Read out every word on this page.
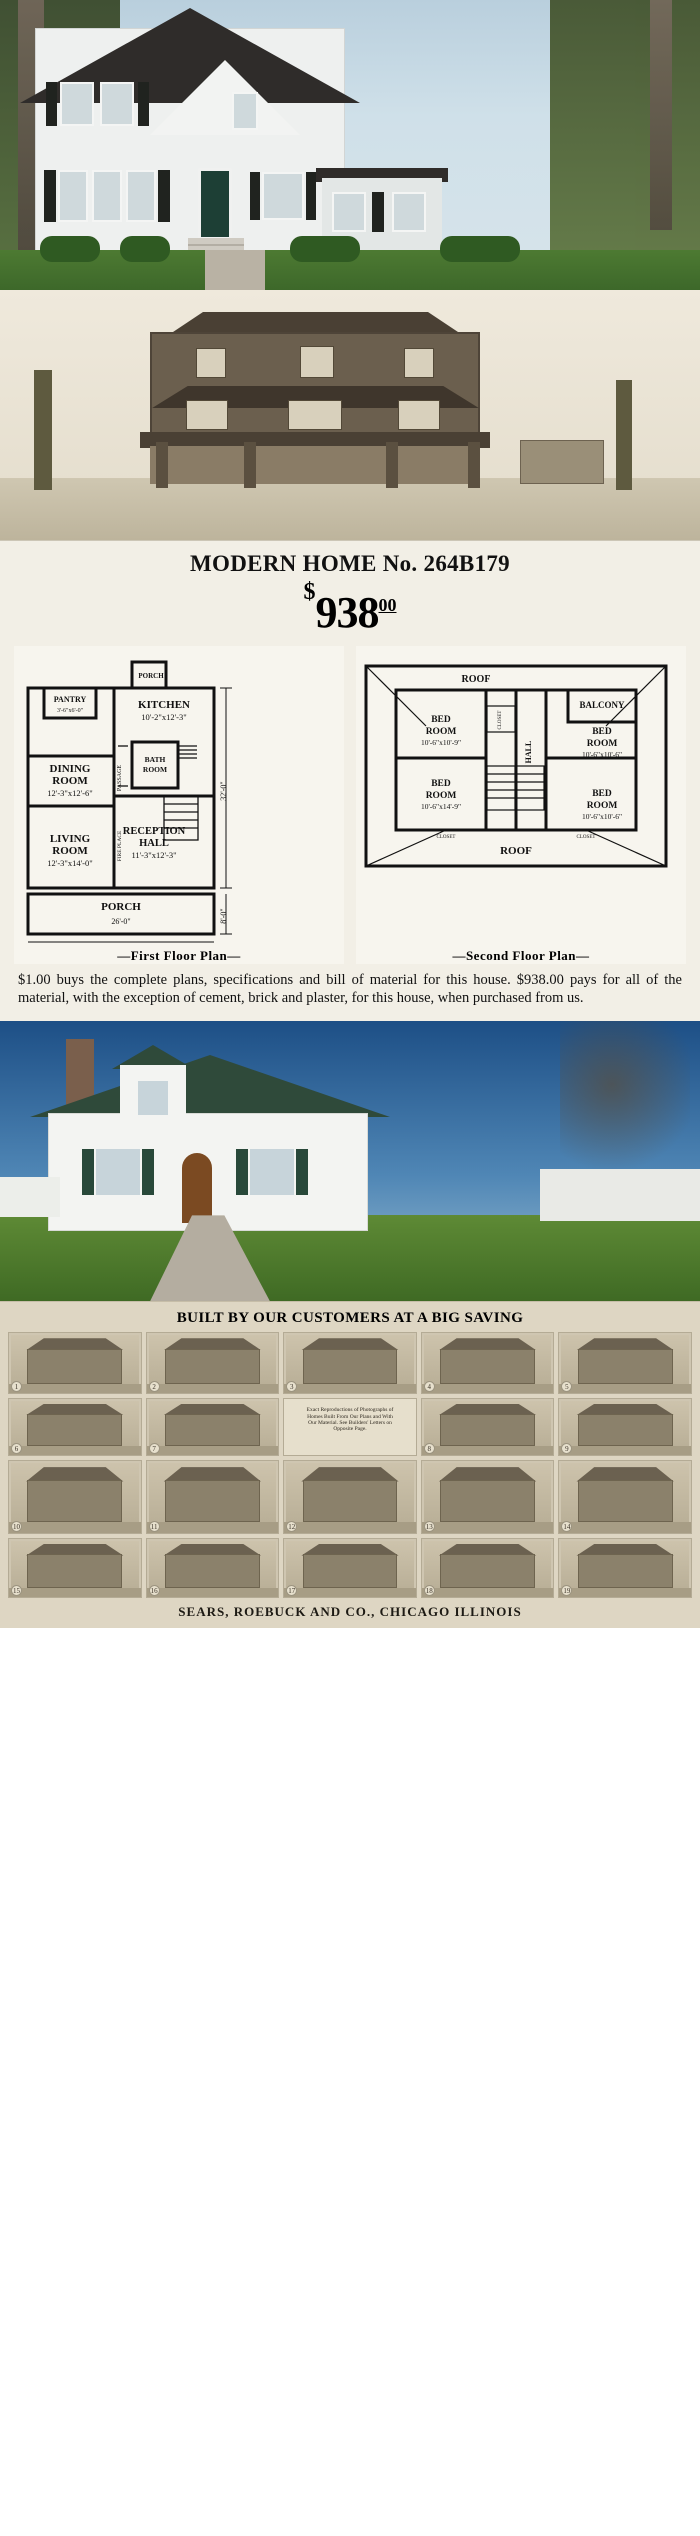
MODERN HOME No. 264B179
$93800
PANTRY
3'-6"x6'-0"
PORCH
KITCHEN
10'-2"x12'-3"
DINING
ROOM
12'-3"x12'-6"
LIVING
ROOM
12'-3"x14'-0"
RECEPTION
HALL
11'-3"x12'-3"
BATH
ROOM
PASSAGE
FIRE PLACE
PORCH
26'-0"
32'-0"
8'-0"
—First Floor Plan—
ROOF
BALCONY
BED
ROOM
10'-6"x10'-9"
BED
ROOM
10'-6"x10'-6"
BED
ROOM
10'-6"x14'-9"
BED
ROOM
10'-6"x10'-6"
HALL
CLOSET
CLOSET	CLOSET
ROOF
—Second Floor Plan—
$1.00 buys the complete plans, specifications and bill of material for this house. $938.00 pays for all of the material, with the exception of cement, brick and plaster, for this house, when purchased from us.
BUILT BY OUR CUSTOMERS AT A BIG SAVING
1	2	3	4	5
6	7
Exact Reproductions of Photographs of Homes Built From Our Plans and With Our Material. See Builders' Letters on Opposite Page.
8	9
10	11	12	13	14
15	16	17	18	19
SEARS, ROEBUCK AND CO., CHICAGO ILLINOIS
